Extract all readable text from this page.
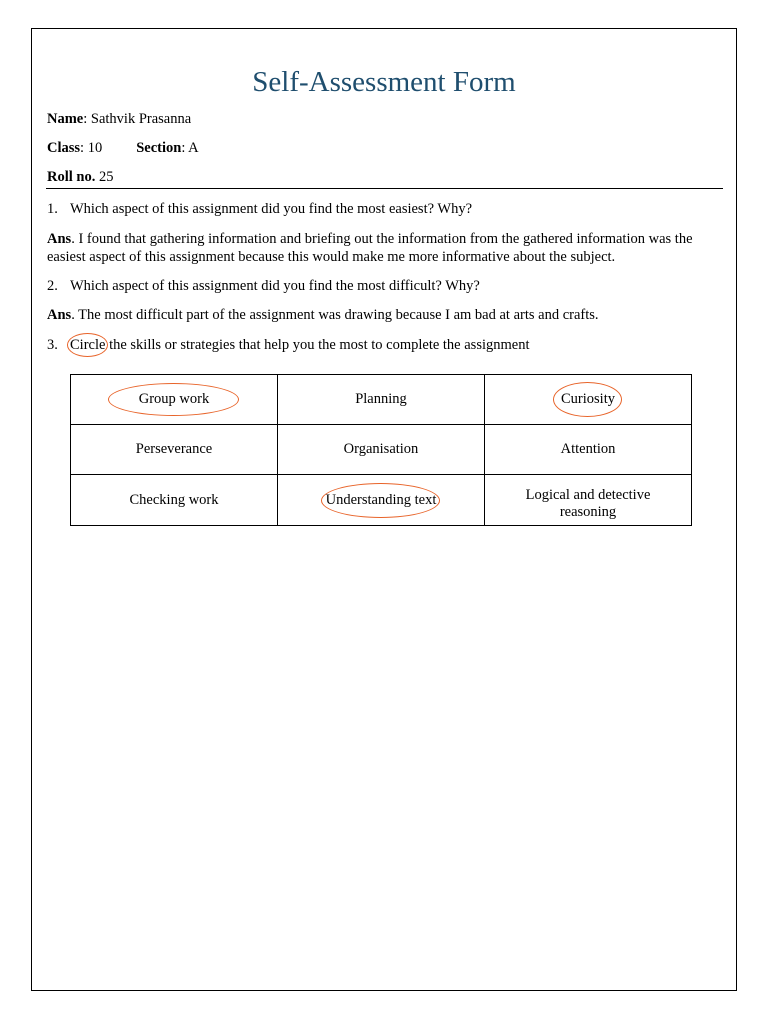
Self-Assessment Form
Name: Sathvik Prasanna
Class: 10 Section: A
Roll no. 25
1. Which aspect of this assignment did you find the most easiest? Why?
Ans. I found that gathering information and briefing out the information from the gathered information was the easiest aspect of this assignment because this would make me more informative about the subject.
2. Which aspect of this assignment did you find the most difficult? Why?
Ans. The most difficult part of the assignment was drawing because I am bad at arts and crafts.
3. Circle
the skills or strategies that help you the most to complete the assignment
Group work	Planning	Curiosity

Perseverance	Organisation	Attention
Checking work	Understanding text	Logical and detective reasoning
